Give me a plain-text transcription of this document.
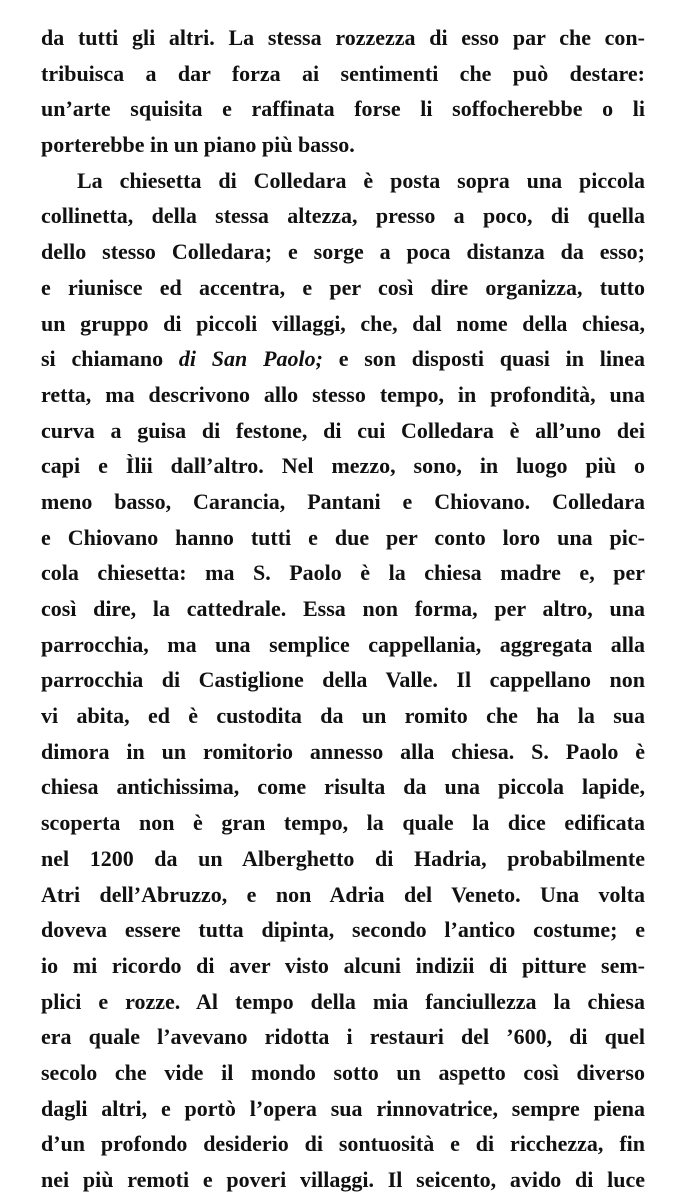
da tutti gli altri. La stessa rozzezza di esso par che con-
tribuisca a dar forza ai sentimenti che può destare:
un’arte squisita e raffinata forse li soffocherebbe o li
porterebbe in un piano più basso.
La chiesetta di Colledara è posta sopra una piccola
collinetta, della stessa altezza, presso a poco, di quella
dello stesso Colledara; e sorge a poca distanza da esso;
e riunisce ed accentra, e per così dire organizza, tutto
un gruppo di piccoli villaggi, che, dal nome della chiesa,
si chiamano di San Paolo; e son disposti quasi in linea
retta, ma descrivono allo stesso tempo, in profondità, una
curva a guisa di festone, di cui Colledara è all’uno dei
capi e Ìlii dall’altro. Nel mezzo, sono, in luogo più o
meno basso, Carancia, Pantani e Chiovano. Colledara
e Chiovano hanno tutti e due per conto loro una pic-
cola chiesetta: ma S. Paolo è la chiesa madre e, per
così dire, la cattedrale. Essa non forma, per altro, una
parrocchia, ma una semplice cappellania, aggregata alla
parrocchia di Castiglione della Valle. Il cappellano non
vi abita, ed è custodita da un romito che ha la sua
dimora in un romitorio annesso alla chiesa. S. Paolo è
chiesa antichissima, come risulta da una piccola lapide,
scoperta non è gran tempo, la quale la dice edificata
nel 1200 da un Alberghetto di Hadria, probabilmente
Atri dell’Abruzzo, e non Adria del Veneto. Una volta
doveva essere tutta dipinta, secondo l’antico costume; e
io mi ricordo di aver visto alcuni indizii di pitture sem-
plici e rozze. Al tempo della mia fanciullezza la chiesa
era quale l’avevano ridotta i restauri del ’600, di quel
secolo che vide il mondo sotto un aspetto così diverso
dagli altri, e portò l’opera sua rinnovatrice, sempre piena
d’un profondo desiderio di sontuosità e di ricchezza, fin
nei più remoti e poveri villaggi. Il seicento, avido di luce
